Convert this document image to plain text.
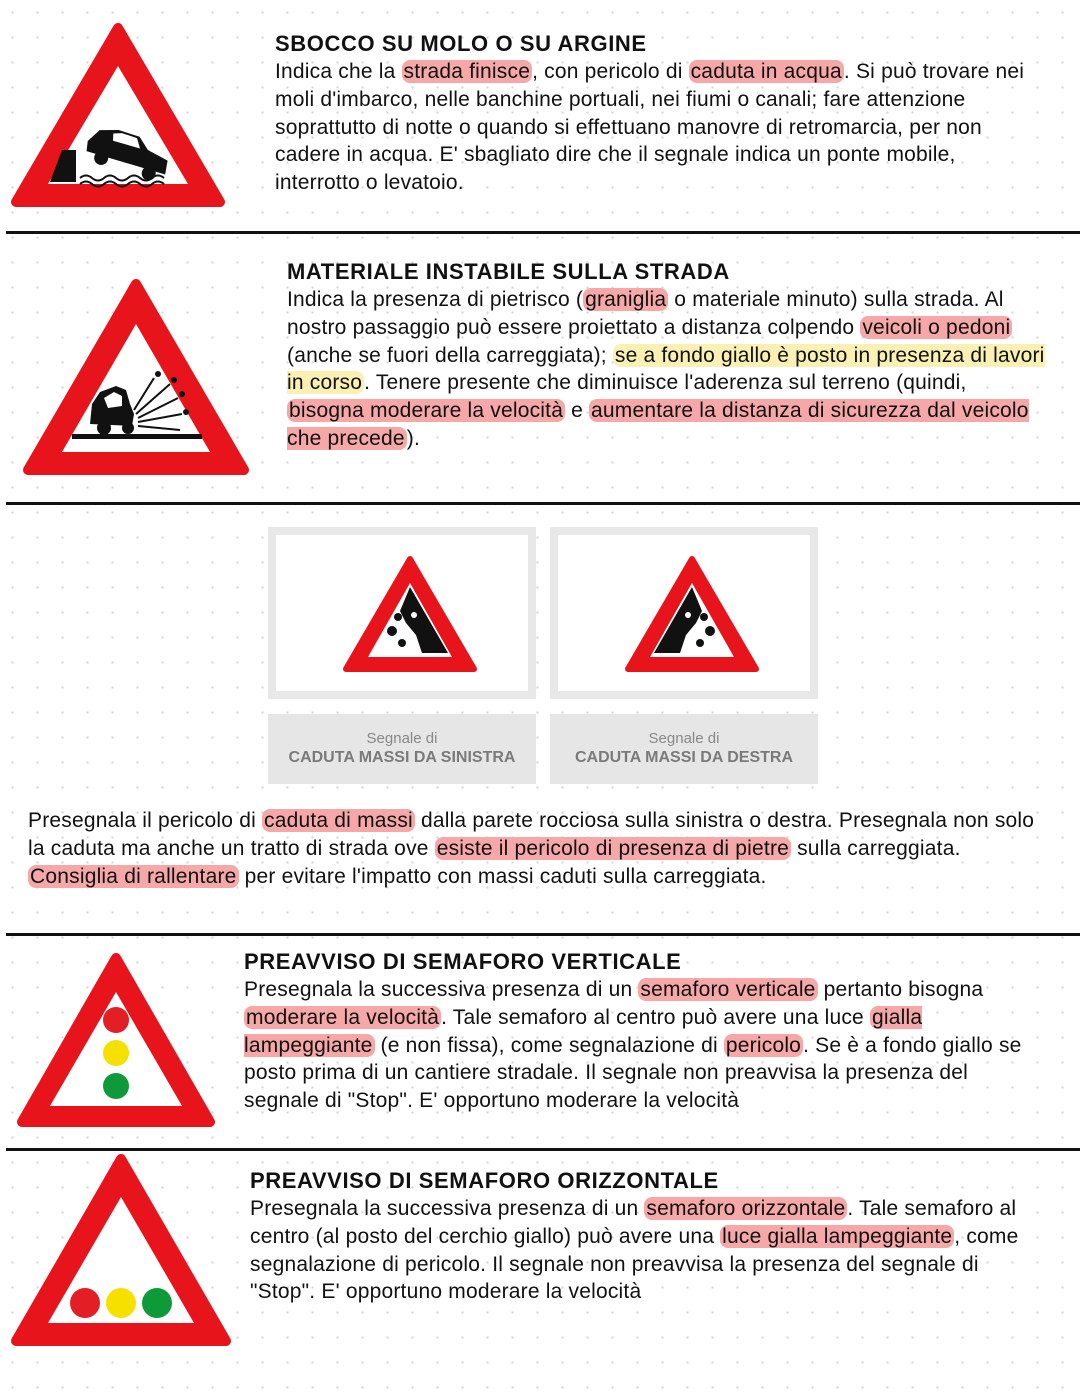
SBOCCO SU MOLO O SU ARGINE

Indica che la strada finisce, con pericolo di caduta in acqua. Si può trovare nei moli d'imbarco, nelle banchine portuali, nei fiumi o canali; fare attenzione soprattutto di notte o quando si effettuano manovre di retromarcia, per non cadere in acqua. E' sbagliato dire che il segnale indica un ponte mobile, interrotto o levatoio.

MATERIALE INSTABILE SULLA STRADA

Indica la presenza di pietrisco (graniglia o materiale minuto) sulla strada. Al nostro passaggio può essere proiettato a distanza colpendo veicoli o pedoni (anche se fuori della carreggiata); se a fondo giallo è posto in presenza di lavori in corso. Tenere presente che diminuisce l'aderenza sul terreno (quindi, bisogna moderare la velocità e aumentare la distanza di sicurezza dal veicolo che precede).
Segnale di
CADUTA MASSI DA SINISTRA
Segnale di
CADUTA MASSI DA DESTRA
Presegnala il pericolo di caduta di massi dalla parete rocciosa sulla sinistra o destra. Presegnala non solo la caduta ma anche un tratto di strada ove esiste il pericolo di presenza di pietre sulla carreggiata. Consiglia di rallentare per evitare l'impatto con massi caduti sulla carreggiata.

PREAVVISO DI SEMAFORO VERTICALE

Presegnala la successiva presenza di un semaforo verticale pertanto bisogna moderare la velocità. Tale semaforo al centro può avere una luce gialla lampeggiante (e non fissa), come segnalazione di pericolo. Se è a fondo giallo se posto prima di un cantiere stradale. Il segnale non preavvisa la presenza del segnale di "Stop". E' opportuno moderare la velocità

PREAVVISO DI SEMAFORO ORIZZONTALE

Presegnala la successiva presenza di un semaforo orizzontale. Tale semaforo al centro (al posto del cerchio giallo) può avere una luce gialla lampeggiante, come segnalazione di pericolo. Il segnale non preavvisa la presenza del segnale di "Stop". E' opportuno moderare la velocità
